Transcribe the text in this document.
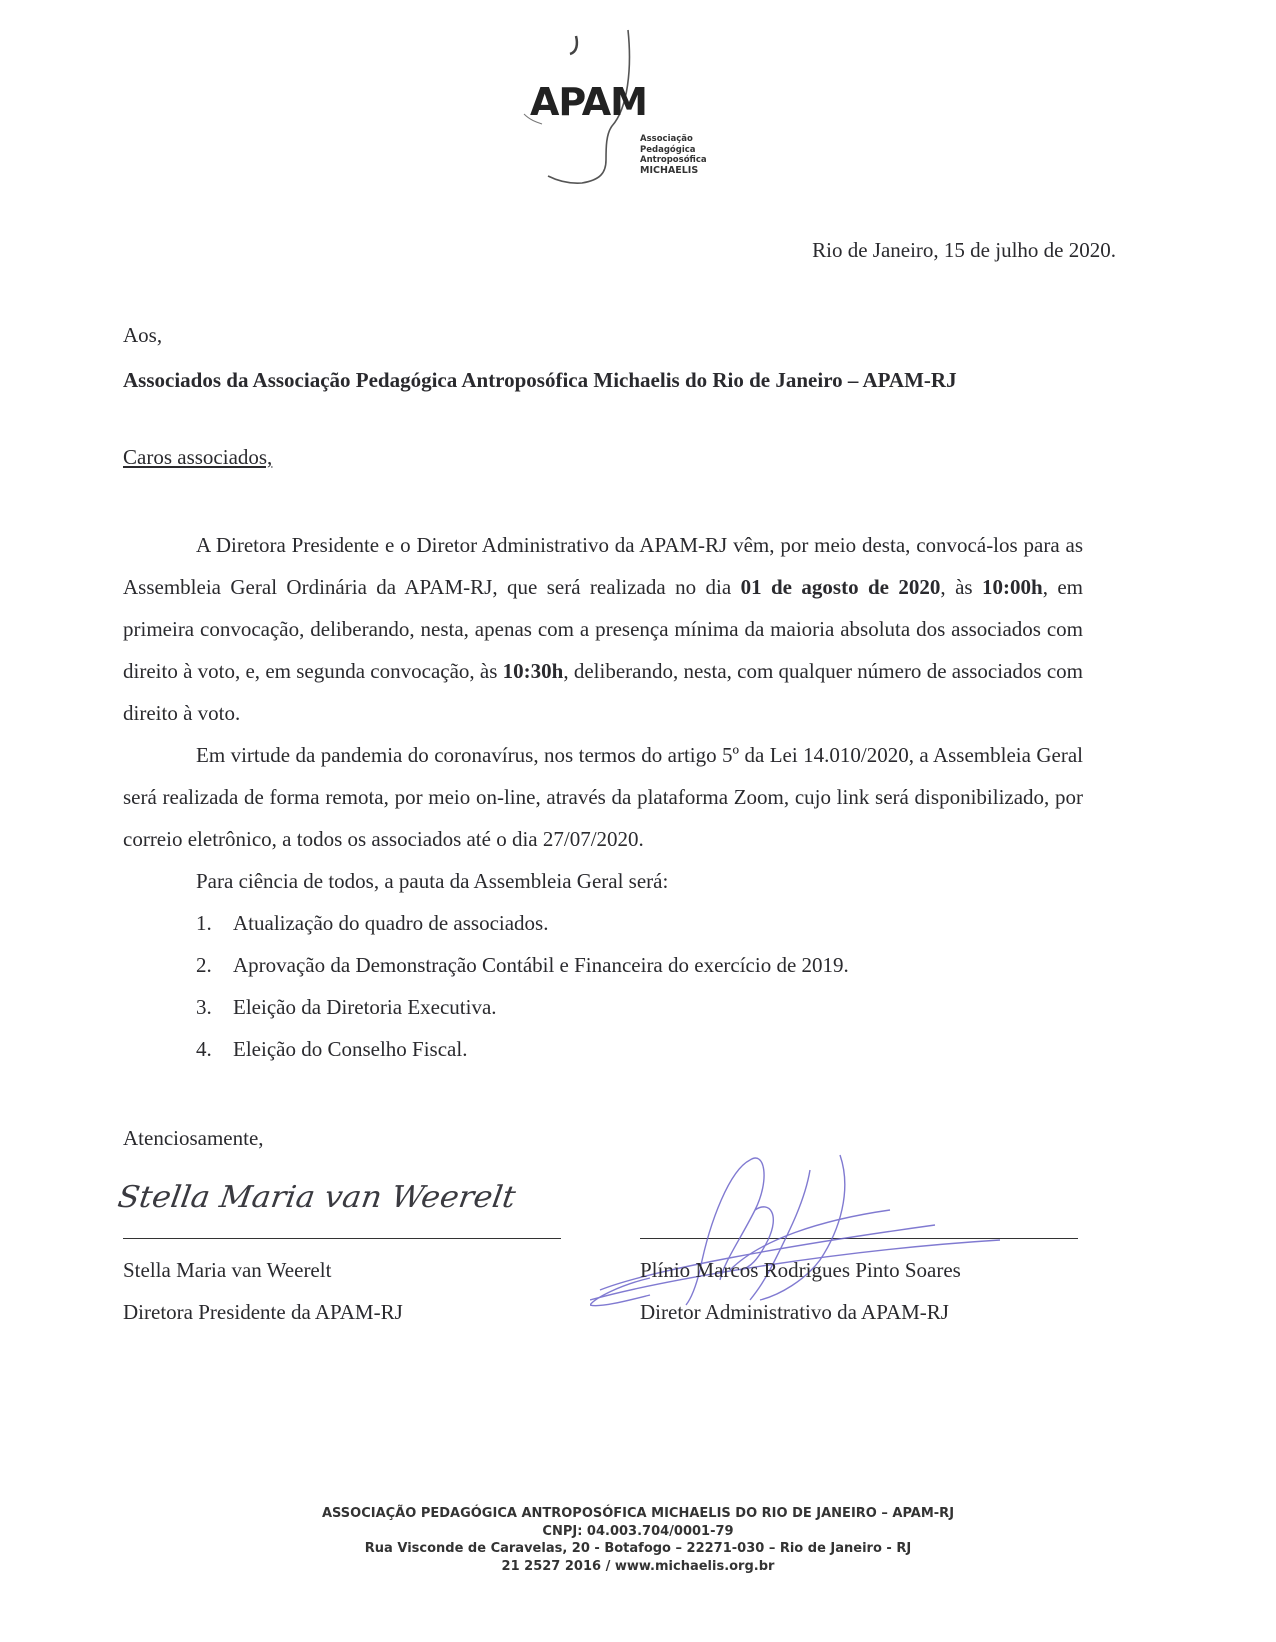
APAM
Associação
Pedagógica
Antroposófica
MICHAELIS
Rio de Janeiro, 15 de julho de 2020.
Aos,
Associados da Associação Pedagógica Antroposófica Michaelis do Rio de Janeiro – APAM-RJ
Caros associados,

A Diretora Presidente e o Diretor Administrativo da APAM-RJ vêm, por meio desta, convocá-los para as Assembleia Geral Ordinária da APAM-RJ, que será realizada no dia 01 de agosto de 2020, às 10:00h, em primeira convocação, deliberando, nesta, apenas com a presença mínima da maioria absoluta dos associados com direito à voto, e, em segunda convocação, às 10:30h, deliberando, nesta, com qualquer número de associados com direito à voto.

Em virtude da pandemia do coronavírus, nos termos do artigo 5º da Lei 14.010/2020, a Assembleia Geral será realizada de forma remota, por meio on-line, através da plataforma Zoom, cujo link será disponibilizado, por correio eletrônico, a todos os associados até o dia 27/07/2020.

Para ciência de todos, a pauta da Assembleia Geral será:

1. Atualização do quadro de associados.
2. Aprovação da Demonstração Contábil e Financeira do exercício de 2019.
3. Eleição da Diretoria Executiva.
4. Eleição do Conselho Fiscal.
Atenciosamente,
Stella Maria van Weerelt
Stella Maria van Weerelt
Diretora Presidente da APAM-RJ
Plínio Marcos Rodrigues Pinto Soares
Diretor Administrativo da APAM-RJ
ASSOCIAÇÃO PEDAGÓGICA ANTROPOSÓFICA MICHAELIS DO RIO DE JANEIRO – APAM-RJ
CNPJ: 04.003.704/0001-79
Rua Visconde de Caravelas, 20 - Botafogo – 22271-030 – Rio de Janeiro - RJ
21 2527 2016 / www.michaelis.org.br
